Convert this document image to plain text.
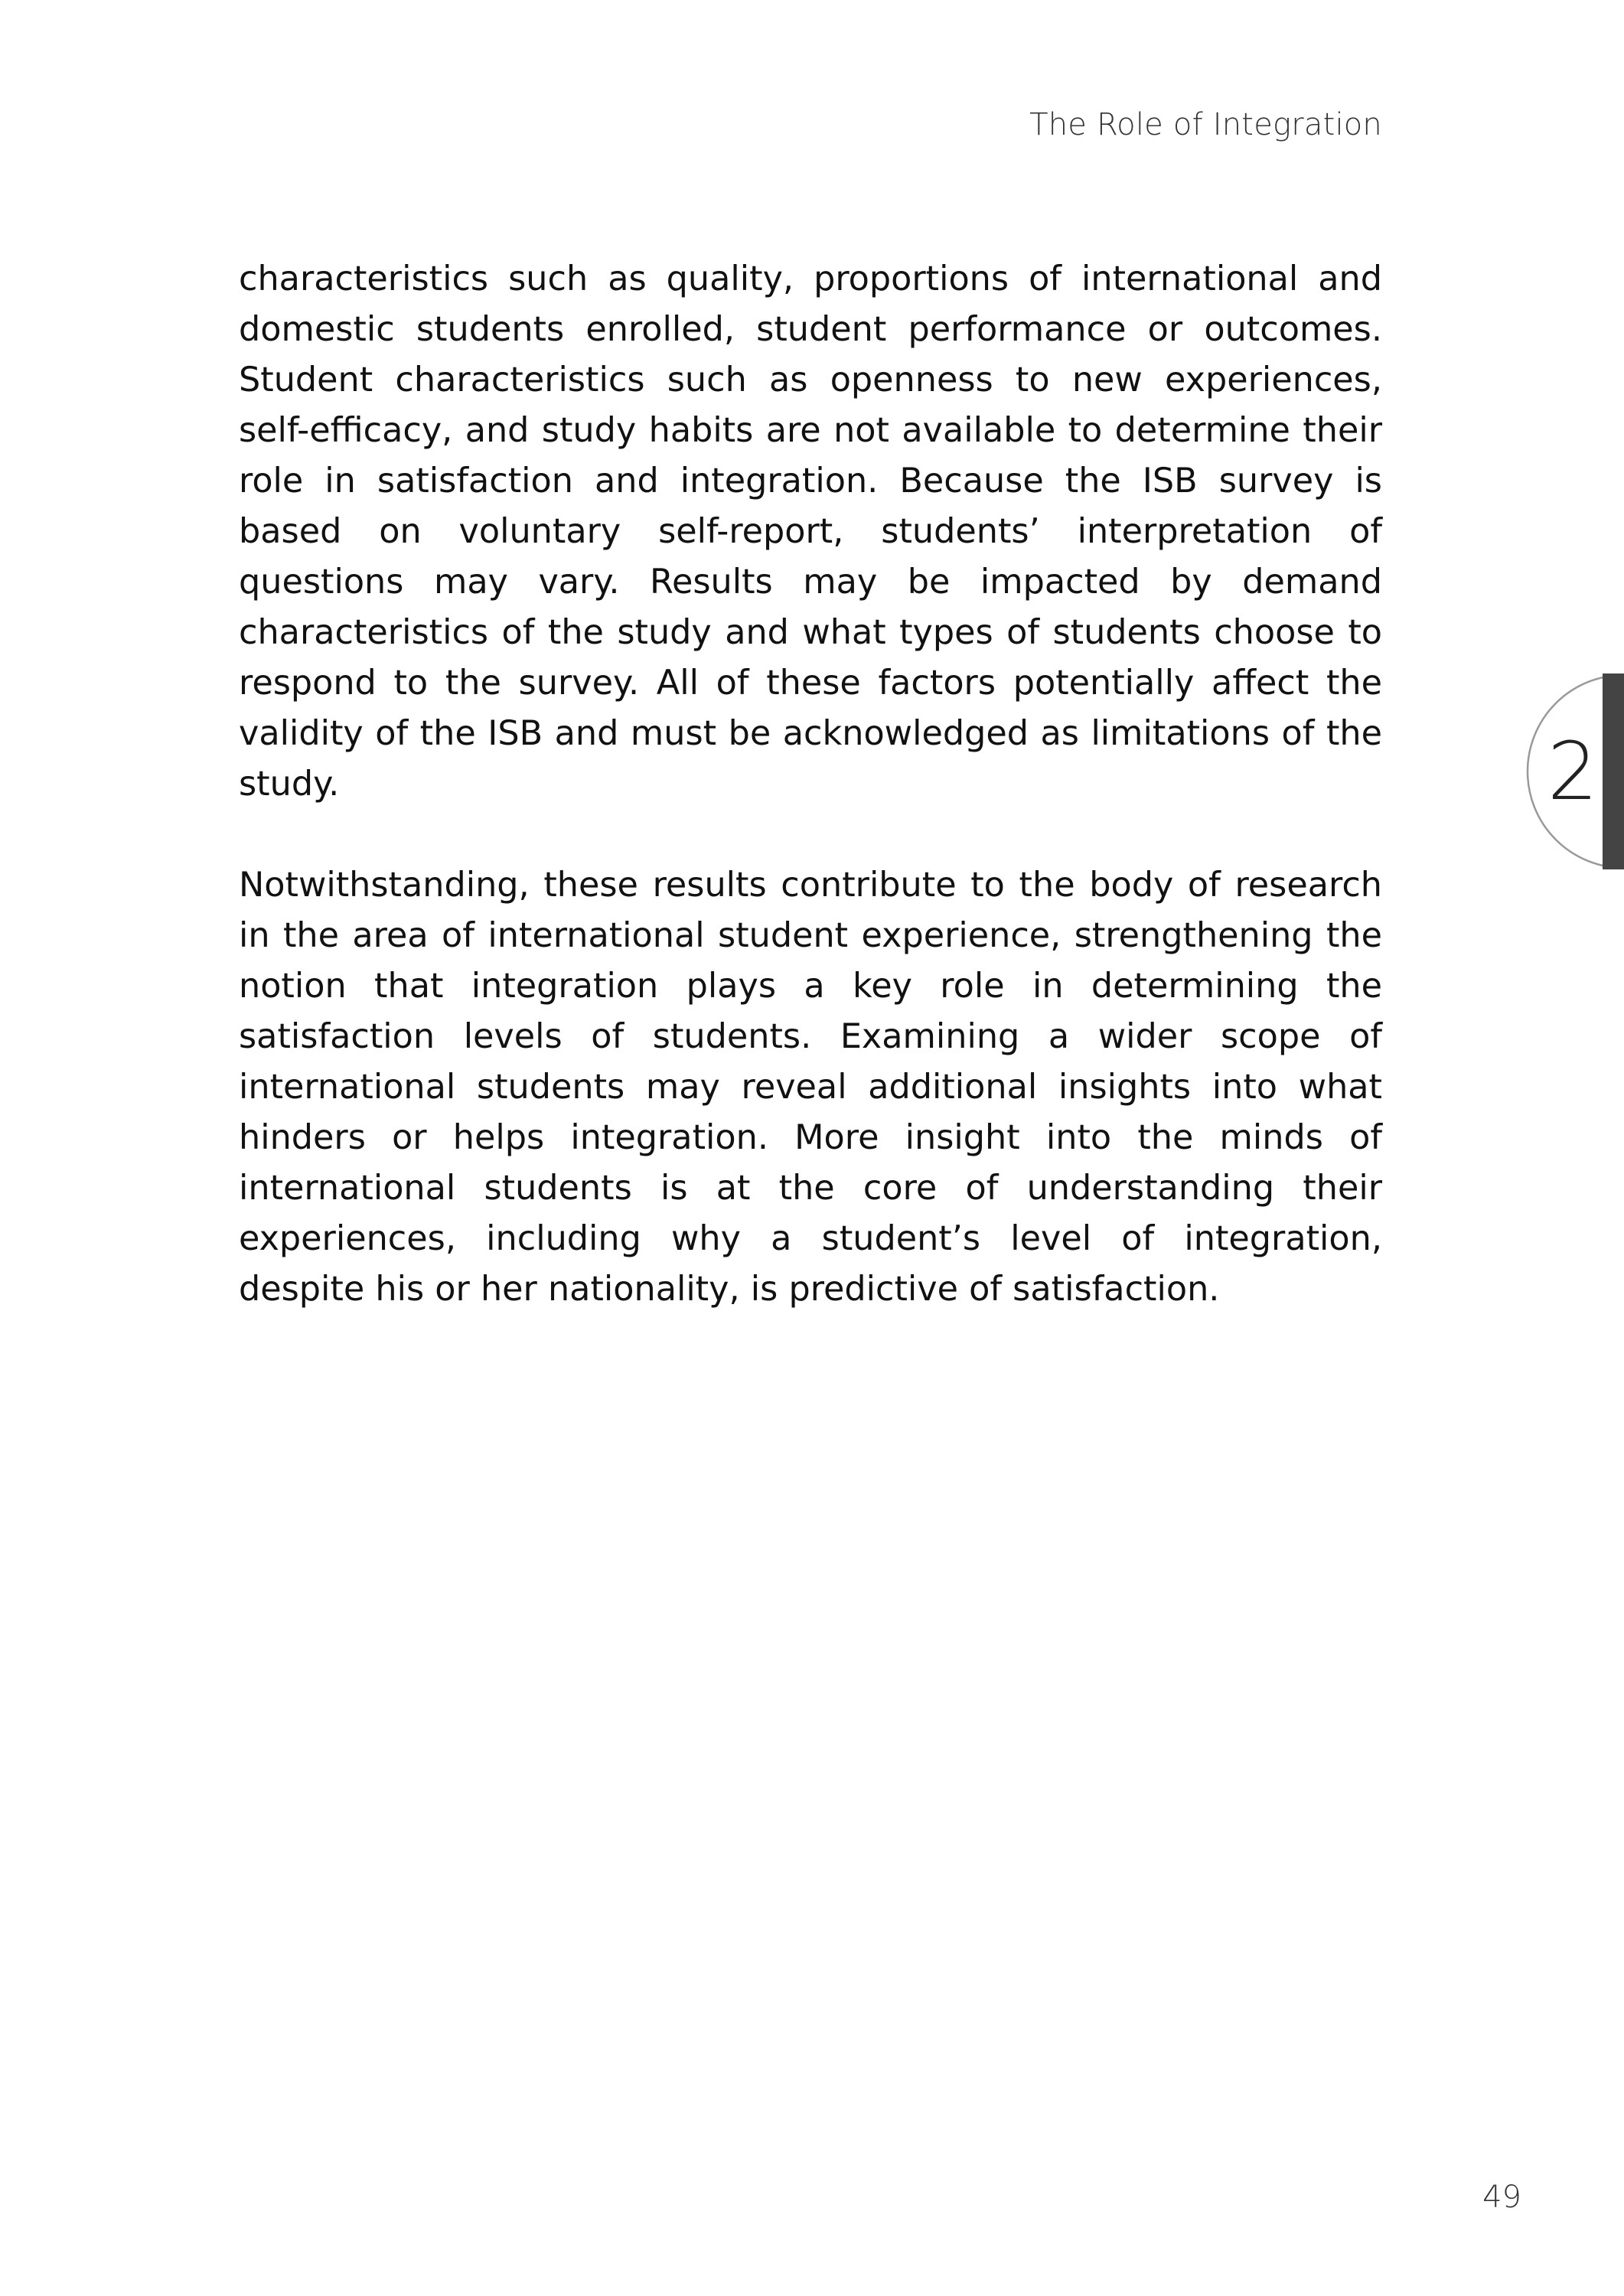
The Role of Integration

characteristics such as quality, proportions of international and domestic students enrolled, student performance or outcomes. Student characteristics such as openness to new experiences, self-efficacy, and study habits are not available to determine their role in satisfaction and integration. Because the ISB survey is based on voluntary self-report, students’ interpretation of questions may vary. Results may be impacted by demand characteristics of the study and what types of students choose to respond to the survey. All of these factors potentially affect the validity of the ISB and must be acknowledged as limitations of the study.

Notwithstanding, these results contribute to the body of research in the area of international student experience, strengthening the notion that integration plays a key role in determining the satisfaction levels of students. Examining a wider scope of international students may reveal additional insights into what hinders or helps integration. More insight into the minds of international students is at the core of understanding their experiences, including why a student’s level of integration, despite his or her nationality, is predictive of satisfaction.

2
49
